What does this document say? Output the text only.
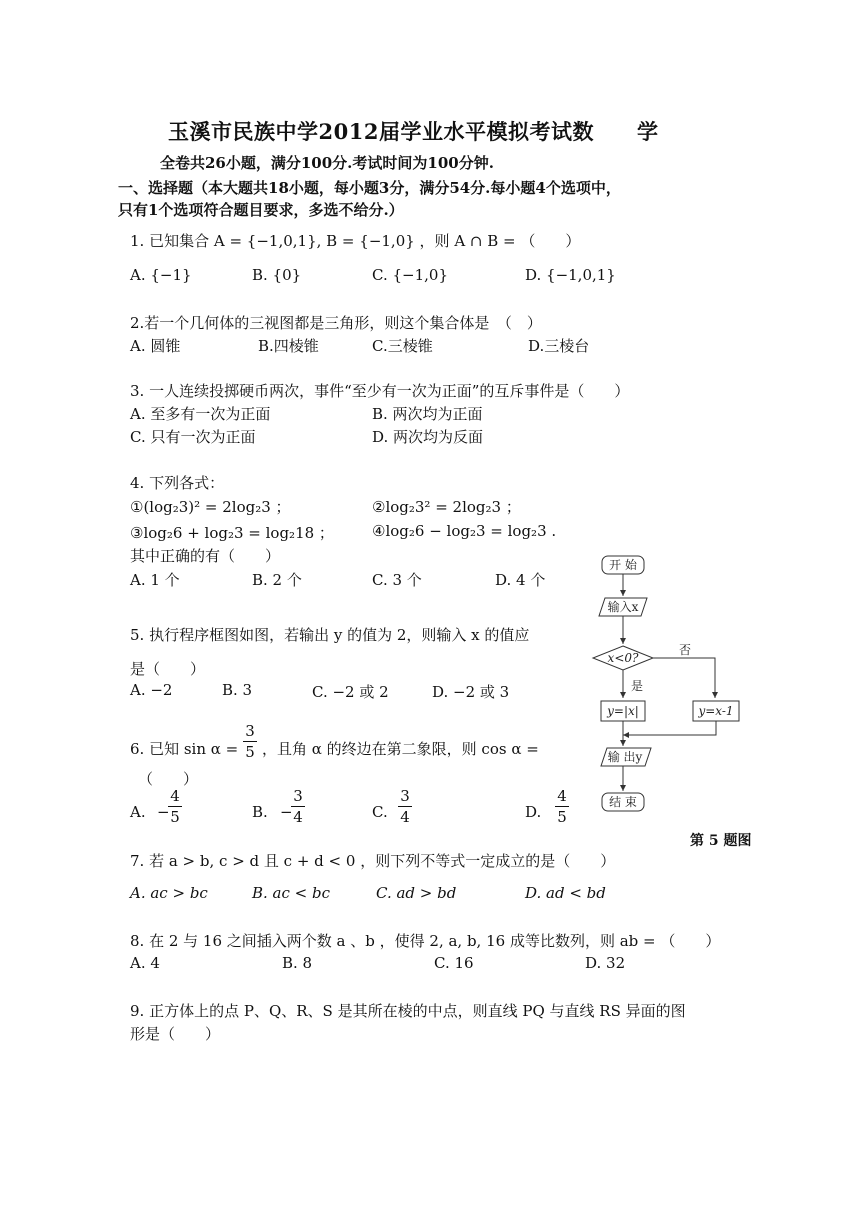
玉溪市民族中学2012届学业水平模拟考试数　　学
全卷共26小题，满分100分.考试时间为100分钟.
一、选择题（本大题共18小题，每小题3分，满分54分.每小题4个选项中，
只有1个选项符合题目要求，多选不给分.）
1. 已知集合 A = {−1,0,1}, B = {−1,0} ，则 A ∩ B = （　　）
A. {−1}	B. {0}	C. {−1,0}	D. {−1,0,1}
2.若一个几何体的三视图都是三角形，则这个集合体是　（　）
A. 圆锥	B.四棱锥	C.三棱锥	D.三棱台
3. 一人连续投掷硬币两次，事件“至少有一次为正面”的互斥事件是（　　）
A. 至多有一次为正面	B. 两次均为正面
C. 只有一次为正面	D. 两次均为反面
4. 下列各式：
①(log₂3)² = 2log₂3 ；	②log₂3² = 2log₂3 ；
③log₂6 + log₂3 = log₂18 ；	④log₂6 − log₂3 = log₂3 .
其中正确的有（　　）
A. 1 个	B. 2 个	C. 3 个	D. 4 个
5. 执行程序框图如图，若输出 y 的值为 2，则输入 x 的值应
是（　　）
A. −2	B. 3	C. −2 或 2	D. −2 或 3
6. 已知 sin α =
3
5 ，且角 α 的终边在第二象限，则 cos α =
（　　）
A. −
4
5	B. −
3
4	C.
3
4	D.
4
5
开 始
输入x
x<0?
否
是
y=|x|	y=x-1
输 出y
结 束
第 5 题图
7. 若 a > b, c > d 且 c + d < 0 ，则下列不等式一定成立的是（　　）
A. ac > bc	B. ac < bc	C. ad > bd	D. ad < bd
8. 在 2 与 16 之间插入两个数 a 、b ，使得 2, a, b, 16 成等比数列，则 ab = （　　）
A. 4	B. 8	C. 16	D. 32
9. 正方体上的点 P、Q、R、S 是其所在棱的中点，则直线 PQ 与直线 RS 异面的图
形是（　　）
